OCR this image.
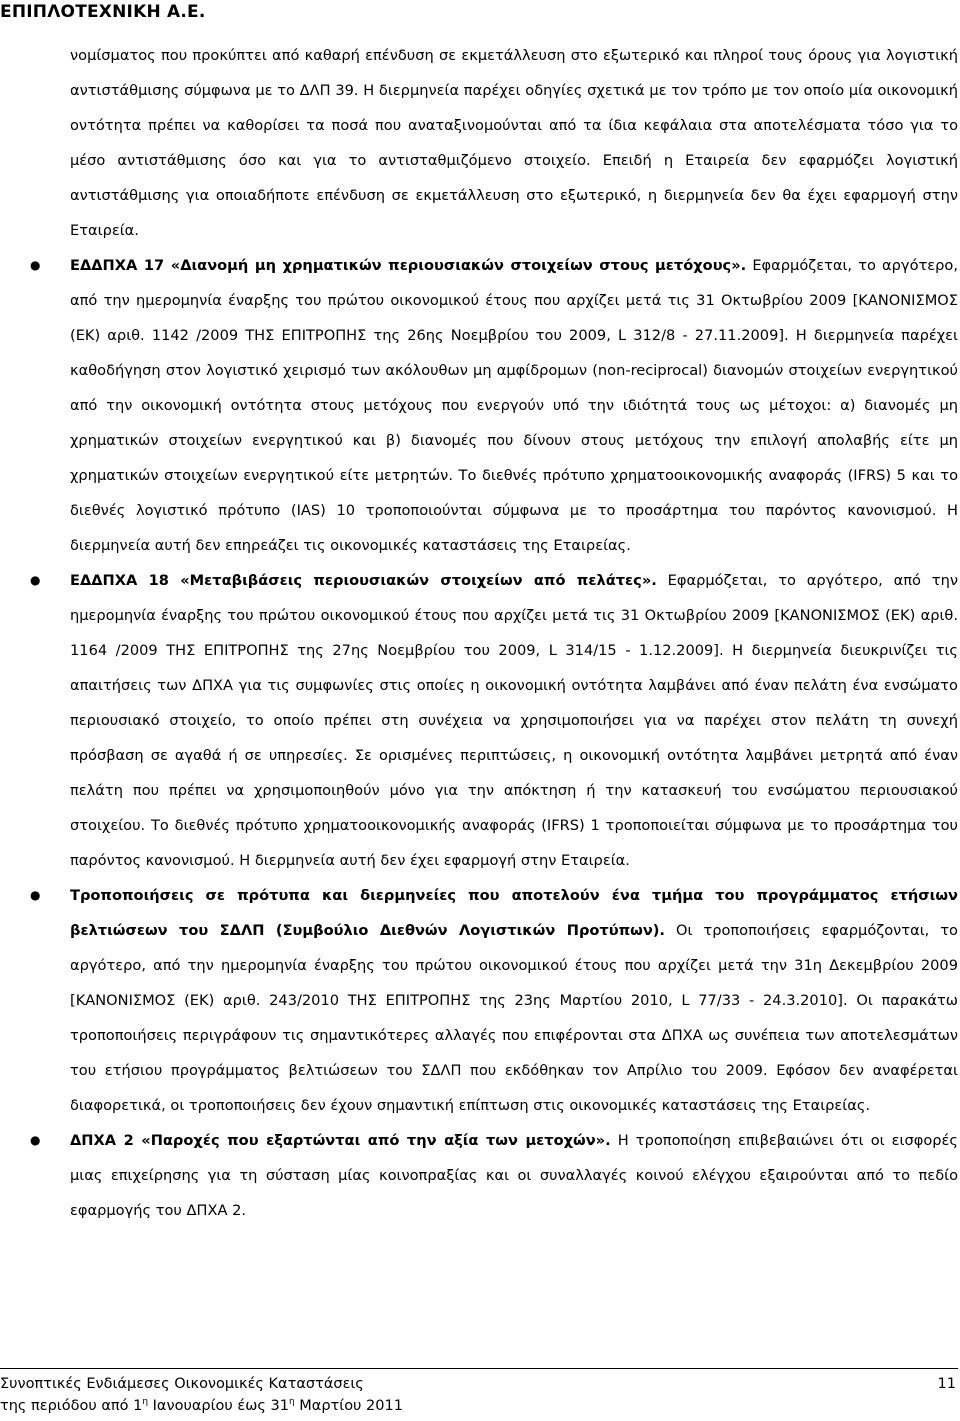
ΕΠΙΠΛΟΤΕΧΝΙΚΗ Α.Ε.

νομίσματος που προκύπτει από καθαρή επένδυση σε εκμετάλλευση στο εξωτερικό και πληροί τους όρους για λογιστική αντιστάθμισης σύμφωνα με το ΔΛΠ 39. Η διερμηνεία παρέχει οδηγίες σχετικά με τον τρόπο με τον οποίο μία οικονομική οντότητα πρέπει να καθορίσει τα ποσά που αναταξινομούνται από τα ίδια κεφάλαια στα αποτελέσματα τόσο για το μέσο αντιστάθμισης όσο και για το αντισταθμιζόμενο στοιχείο. Επειδή η Εταιρεία δεν εφαρμόζει λογιστική αντιστάθμισης για οποιαδήποτε επένδυση σε εκμετάλλευση στο εξωτερικό, η διερμηνεία δεν θα έχει εφαρμογή στην Εταιρεία.

● ΕΔΔΠΧΑ 17 «Διανομή μη χρηματικών περιουσιακών στοιχείων στους μετόχους». Εφαρμόζεται, το αργότερο, από την ημερομηνία έναρξης του πρώτου οικονομικού έτους που αρχίζει μετά τις 31 Οκτωβρίου 2009 [ΚΑΝΟΝΙΣΜΟΣ (ΕΚ) αριθ. 1142 /2009 ΤΗΣ ΕΠΙΤΡΟΠΗΣ της 26ης Νοεμβρίου του 2009, L 312/8 - 27.11.2009]. Η διερμηνεία παρέχει καθοδήγηση στον λογιστικό χειρισμό των ακόλουθων μη αμφίδρομων (non-reciprocal) διανομών στοιχείων ενεργητικού από την οικονομική οντότητα στους μετόχους που ενεργούν υπό την ιδιότητά τους ως μέτοχοι: α) διανομές μη χρηματικών στοιχείων ενεργητικού και β) διανομές που δίνουν στους μετόχους την επιλογή απολαβής είτε μη χρηματικών στοιχείων ενεργητικού είτε μετρητών. Το διεθνές πρότυπο χρηματοοικονομικής αναφοράς (IFRS) 5 και το διεθνές λογιστικό πρότυπο (IAS) 10 τροποποιούνται σύμφωνα με το προσάρτημα του παρόντος κανονισμού. Η διερμηνεία αυτή δεν επηρεάζει τις οικονομικές καταστάσεις της Εταιρείας.
● ΕΔΔΠΧΑ 18 «Μεταβιβάσεις περιουσιακών στοιχείων από πελάτες». Εφαρμόζεται, το αργότερο, από την ημερομηνία έναρξης του πρώτου οικονομικού έτους που αρχίζει μετά τις 31 Οκτωβρίου 2009 [ΚΑΝΟΝΙΣΜΟΣ (ΕΚ) αριθ. 1164 /2009 ΤΗΣ ΕΠΙΤΡΟΠΗΣ της 27ης Νοεμβρίου του 2009, L 314/15 - 1.12.2009]. Η διερμηνεία διευκρινίζει τις απαιτήσεις των ΔΠΧΑ για τις συμφωνίες στις οποίες η οικονομική οντότητα λαμβάνει από έναν πελάτη ένα ενσώματο περιουσιακό στοιχείο, το οποίο πρέπει στη συνέχεια να χρησιμοποιήσει για να παρέχει στον πελάτη τη συνεχή πρόσβαση σε αγαθά ή σε υπηρεσίες. Σε ορισμένες περιπτώσεις, η οικονομική οντότητα λαμβάνει μετρητά από έναν πελάτη που πρέπει να χρησιμοποιηθούν μόνο για την απόκτηση ή την κατασκευή του ενσώματου περιουσιακού στοιχείου. Το διεθνές πρότυπο χρηματοοικονομικής αναφοράς (IFRS) 1 τροποποιείται σύμφωνα με το προσάρτημα του παρόντος κανονισμού. Η διερμηνεία αυτή δεν έχει εφαρμογή στην Εταιρεία.
● Τροποποιήσεις σε πρότυπα και διερμηνείες που αποτελούν ένα τμήμα του προγράμματος ετήσιων βελτιώσεων του ΣΔΛΠ (Συμβούλιο Διεθνών Λογιστικών Προτύπων). Οι τροποποιήσεις εφαρμόζονται, το αργότερο, από την ημερομηνία έναρξης του πρώτου οικονομικού έτους που αρχίζει μετά την 31η Δεκεμβρίου 2009 [ΚΑΝΟΝΙΣΜΟΣ (ΕΚ) αριθ. 243/2010 ΤΗΣ ΕΠΙΤΡΟΠΗΣ της 23ης Μαρτίου 2010, L 77/33 - 24.3.2010]. Οι παρακάτω τροποποιήσεις περιγράφουν τις σημαντικότερες αλλαγές που επιφέρονται στα ΔΠΧΑ ως συνέπεια των αποτελεσμάτων του ετήσιου προγράμματος βελτιώσεων του ΣΔΛΠ που εκδόθηκαν τον Απρίλιο του 2009. Εφόσον δεν αναφέρεται διαφορετικά, οι τροποποιήσεις δεν έχουν σημαντική επίπτωση στις οικονομικές καταστάσεις της Εταιρείας.
● ΔΠΧΑ 2 «Παροχές που εξαρτώνται από την αξία των μετοχών». Η τροποποίηση επιβεβαιώνει ότι οι εισφορές μιας επιχείρησης για τη σύσταση μίας κοινοπραξίας και οι συναλλαγές κοινού ελέγχου εξαιρούνται από το πεδίο εφαρμογής του ΔΠΧΑ 2.
Συνοπτικές Ενδιάμεσες Οικονομικές Καταστάσεις	11
της περιόδου από $1^\eta$ Ιανουαρίου έως $31^\eta$ Μαρτίου 2011
